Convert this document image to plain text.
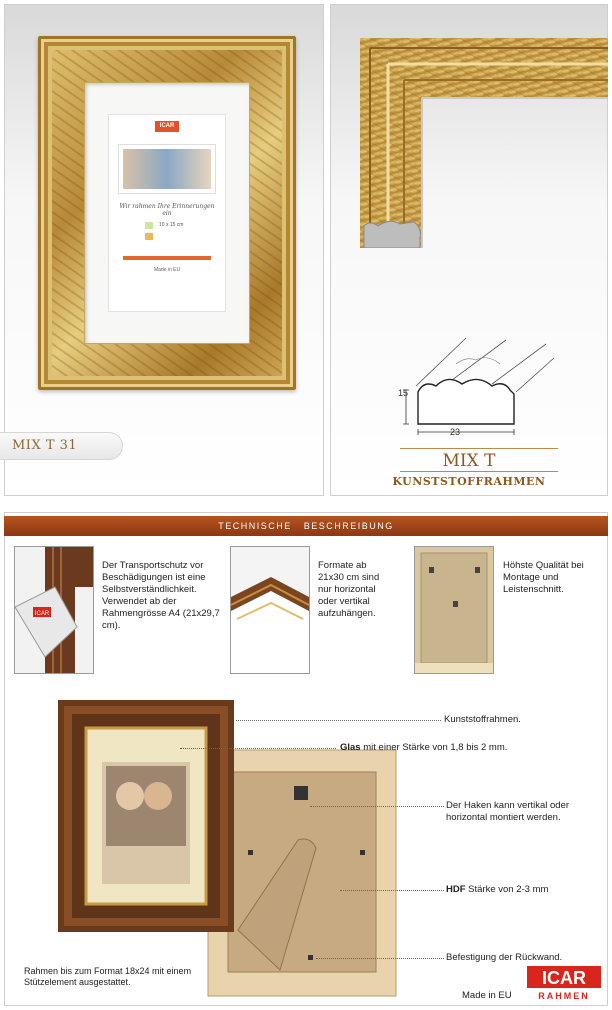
ICAR
Wir rahmen Ihre Erinnerungen ein
10 x 15 cm
Made in EU
MIX T 31
15
23
MIX T
KUNSTSTOFFRAHMEN
TECHNISCHE BESCHREIBUNG
ICAR
Der Transportschutz vor Beschädigungen ist eine Selbstverständlichkeit. Verwendet ab der Rahmengrösse A4 (21x29,7 cm).
Formate ab 21x30 cm sind nur horizontal oder vertikal aufzuhängen.
Höhste Qualität bei Montage und Leistenschnitt.
Kunststoffrahmen.
Glas mit einer Stärke von 1,8 bis 2 mm.
Der Haken kann vertikal oder horizontal montiert werden.
HDF Stärke von 2-3 mm
Befestigung der Rückwand.
Rahmen bis zum Format 18x24 mit einem Stützelement ausgestattet.
Made in EU
ICAR
RAHMEN
